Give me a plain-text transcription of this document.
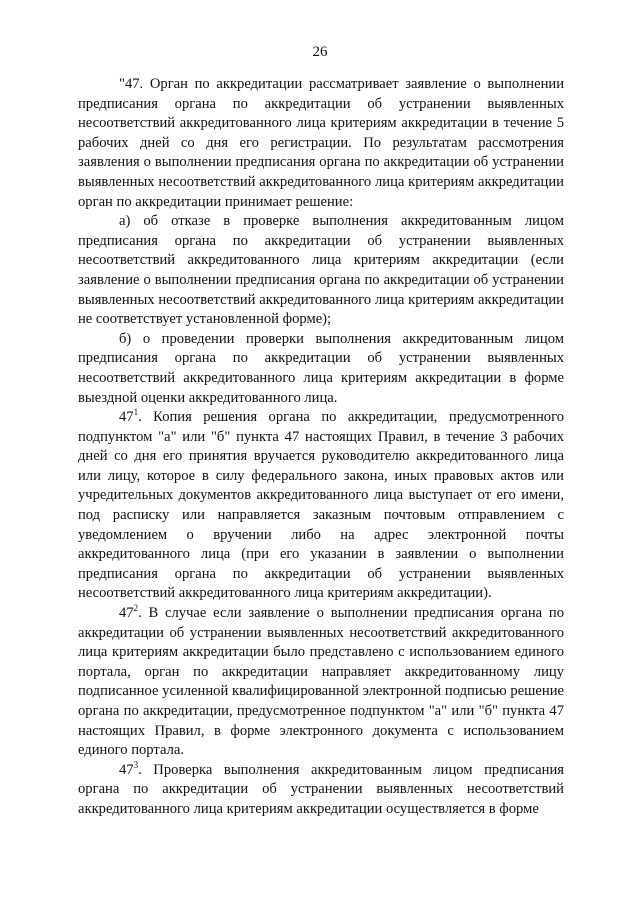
26

"47. Орган по аккредитации рассматривает заявление о выполнении предписания органа по аккредитации об устранении выявленных несоответствий аккредитованного лица критериям аккредитации в течение 5 рабочих дней со дня его регистрации. По результатам рассмотрения заявления о выполнении предписания органа по аккредитации об устранении выявленных несоответствий аккредитованного лица критериям аккредитации орган по аккредитации принимает решение:

а) об отказе в проверке выполнения аккредитованным лицом предписания органа по аккредитации об устранении выявленных несоответствий аккредитованного лица критериям аккредитации (если заявление о выполнении предписания органа по аккредитации об устранении выявленных несоответствий аккредитованного лица критериям аккредитации не соответствует установленной форме);

б) о проведении проверки выполнения аккредитованным лицом предписания органа по аккредитации об устранении выявленных несоответствий аккредитованного лица критериям аккредитации в форме выездной оценки аккредитованного лица.

$47^1$. Копия решения органа по аккредитации, предусмотренного подпунктом "а" или "б" пункта 47 настоящих Правил, в течение 3 рабочих дней со дня его принятия вручается руководителю аккредитованного лица или лицу, которое в силу федерального закона, иных правовых актов или учредительных документов аккредитованного лица выступает от его имени, под расписку или направляется заказным почтовым отправлением с уведомлением о вручении либо на адрес электронной почты аккредитованного лица (при его указании в заявлении о выполнении предписания органа по аккредитации об устранении выявленных несоответствий аккредитованного лица критериям аккредитации).

$47^2$. В случае если заявление о выполнении предписания органа по аккредитации об устранении выявленных несоответствий аккредитованного лица критериям аккредитации было представлено с использованием единого портала, орган по аккредитации направляет аккредитованному лицу подписанное усиленной квалифицированной электронной подписью решение органа по аккредитации, предусмотренное подпунктом "а" или "б" пункта 47 настоящих Правил, в форме электронного документа с использованием единого портала.

$47^3$. Проверка выполнения аккредитованным лицом предписания органа по аккредитации об устранении выявленных несоответствий аккредитованного лица критериям аккредитации осуществляется в форме
